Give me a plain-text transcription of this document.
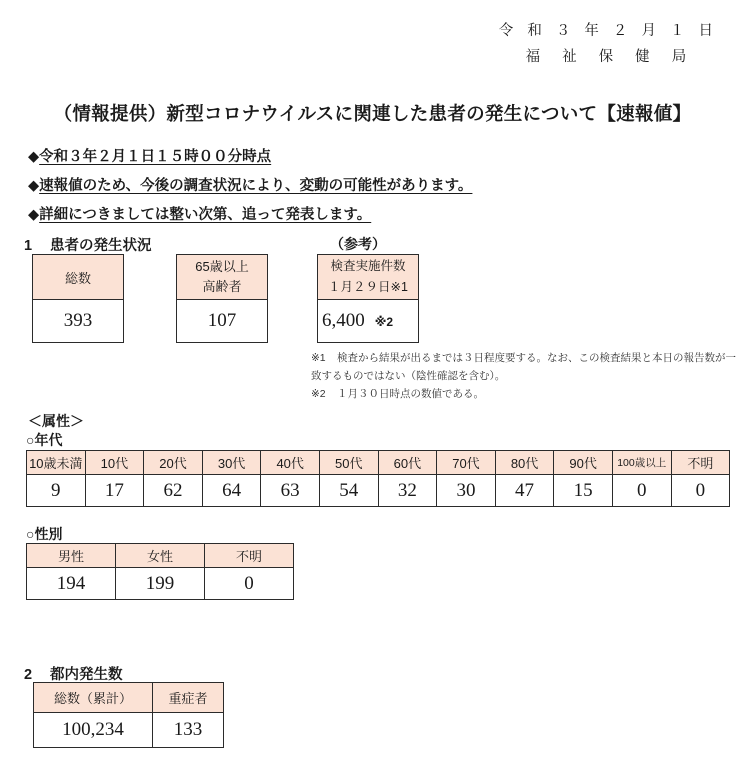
令 和 ３ 年 ２ 月 １ 日
福 祉 保 健 局
（情報提供）新型コロナウイルスに関連した患者の発生について【速報値】
◆令和３年２月１日１５時００分時点
◆速報値のため、今後の調査状況により、変動の可能性があります。
◆詳細につきましては整い次第、追って発表します。
1 患者の発生状況	（参考）
総数
393
65歳以上
高齢者

107
検査実施件数
１月２９日※1

6,400 ※2
※1 検査から結果が出るまでは３日程度要する。なお、この検査結果と本日の報告数が一致するものではない（陰性確認を含む）。
※2 １月３０日時点の数値である。
＜属性＞
○年代
10歳未満	10代	20代	30代	40代	50代	60代	70代	80代	90代	100歳以上	不明
9	17	62	64	63	54	32	30	47	15	0	0
○性別
男性	女性	不明
194	199	0
2 都内発生数
総数（累計）	重症者
100,234	133
